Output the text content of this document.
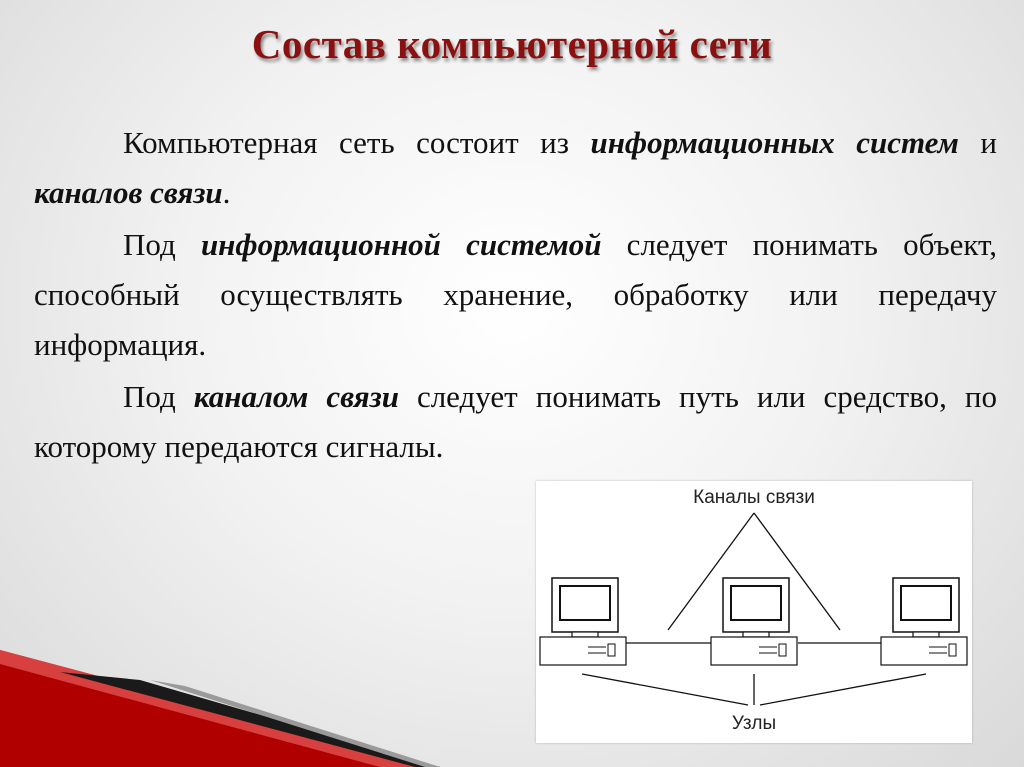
Состав компьютерной сети

Компьютерная сеть состоит из информационных систем и каналов связи.

Под информационной системой следует понимать объект, способный осуществлять хранение, обработку или передачу информация.

Под каналом связи следует понимать путь или средство, по которому передаются сигналы.

Каналы связи
Узлы
